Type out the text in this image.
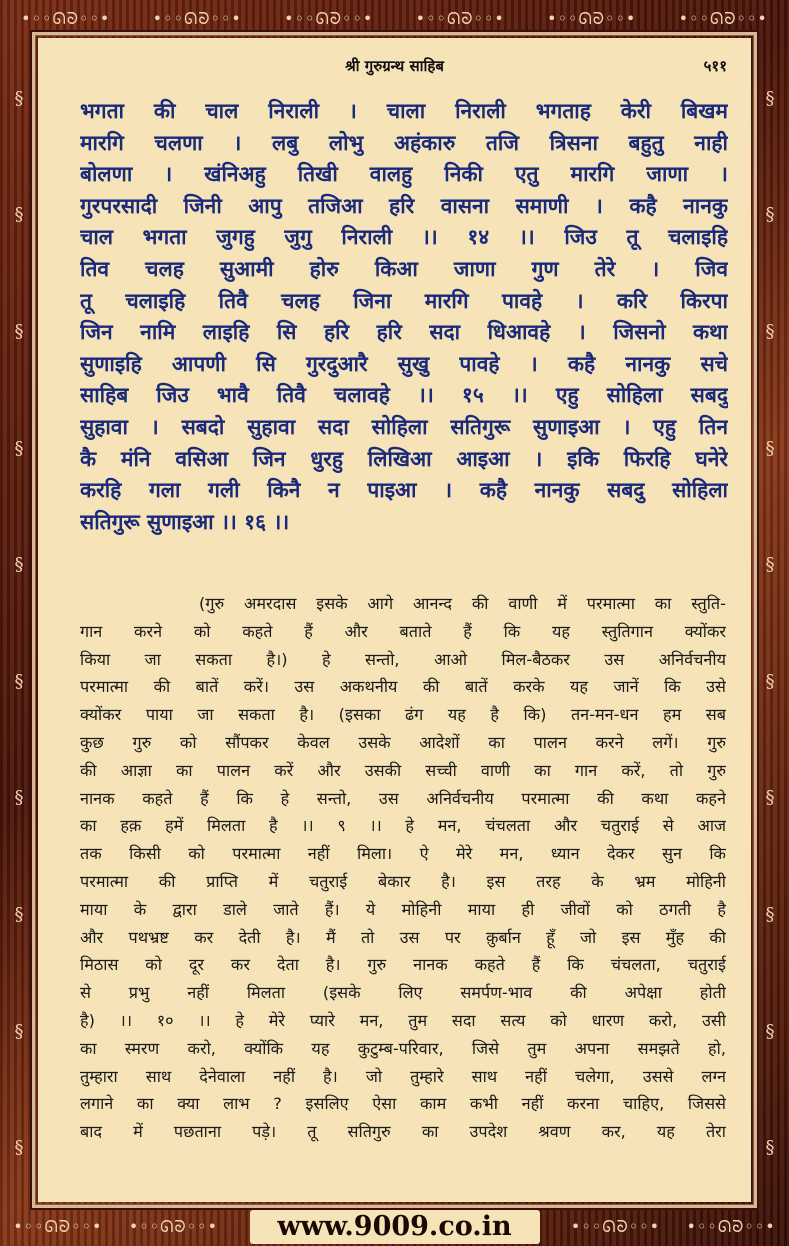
•◦◦ᘏᘐ◦◦•	•◦◦ᘏᘐ◦◦•	•◦◦ᘏᘐ◦◦•	•◦◦ᘏᘐ◦◦•	•◦◦ᘏᘐ◦◦•	•◦◦ᘏᘐ◦◦•
§
§
§
§
§
§
§
§
§
§
§
§
§
§
§
§
§
§
§
§
•◦◦ᘏᘐ◦◦• •◦◦ᘏᘐ◦◦•	•◦◦ᘏᘐ◦◦• •◦◦ᘏᘐ◦◦•
श्री गुरुग्रन्थ साहिब	५११
भगता की चाल निराली । चाला निराली भगताह केरी बिखम
मारगि चलणा । लबु लोभु अहंकारु तजि त्रिसना बहुतु नाही
बोलणा । खंनिअहु तिखी वालहु निकी एतु मारगि जाणा ।
गुरपरसादी जिनी आपु तजिआ हरि वासना समाणी । कहै नानकु
चाल भगता जुगहु जुगु निराली ।। १४ ।। जिउ तू चलाइहि
तिव चलह सुआमी होरु किआ जाणा गुण तेरे । जिव
तू चलाइहि तिवै चलह जिना मारगि पावहे । करि किरपा
जिन नामि लाइहि सि हरि हरि सदा धिआवहे । जिसनो कथा
सुणाइहि आपणी सि गुरदुआरै सुखु पावहे । कहै नानकु सचे
साहिब जिउ भावै तिवै चलावहे ।। १५ ।। एहु सोहिला सबदु
सुहावा । सबदो सुहावा सदा सोहिला सतिगुरू सुणाइआ । एहु तिन
कै मंनि वसिआ जिन धुरहु लिखिआ आइआ । इकि फिरहि घनेरे
करहि गला गली किनै न पाइआ । कहै नानकु सबदु सोहिला
सतिगुरू सुणाइआ ।। १६ ।।
(गुरु अमरदास इसके आगे आनन्द की वाणी में परमात्मा का स्तुति-
गान करने को कहते हैं और बताते हैं कि यह स्तुतिगान क्योंकर
किया जा सकता है।) हे सन्तो, आओ मिल-बैठकर उस अनिर्वचनीय
परमात्मा की बातें करें। उस अकथनीय की बातें करके यह जानें कि उसे
क्योंकर पाया जा सकता है। (इसका ढंग यह है कि) तन-मन-धन हम सब
कुछ गुरु को सौंपकर केवल उसके आदेशों का पालन करने लगें। गुरु
की आज्ञा का पालन करें और उसकी सच्ची वाणी का गान करें, तो गुरु
नानक कहते हैं कि हे सन्तो, उस अनिर्वचनीय परमात्मा की कथा कहने
का हक़ हमें मिलता है ।। ९ ।। हे मन, चंचलता और चतुराई से आज
तक किसी को परमात्मा नहीं मिला। ऐ मेरे मन, ध्यान देकर सुन कि
परमात्मा की प्राप्ति में चतुराई बेकार है। इस तरह के भ्रम मोहिनी
माया के द्वारा डाले जाते हैं। ये मोहिनी माया ही जीवों को ठगती है
और पथभ्रष्ट कर देती है। मैं तो उस पर क़ुर्बान हूँ जो इस मुँह की
मिठास को दूर कर देता है। गुरु नानक कहते हैं कि चंचलता, चतुराई
से प्रभु नहीं मिलता (इसके लिए समर्पण-भाव की अपेक्षा होती
है) ।। १० ।। हे मेरे प्यारे मन, तुम सदा सत्य को धारण करो, उसी
का स्मरण करो, क्योंकि यह कुटुम्ब-परिवार, जिसे तुम अपना समझते हो,
तुम्हारा साथ देनेवाला नहीं है। जो तुम्हारे साथ नहीं चलेगा, उससे लग्न
लगाने का क्या लाभ ? इसलिए ऐसा काम कभी नहीं करना चाहिए, जिससे
बाद में पछताना पड़े। तू सतिगुरु का उपदेश श्रवण कर, यह तेरा
www.9009.co.in
